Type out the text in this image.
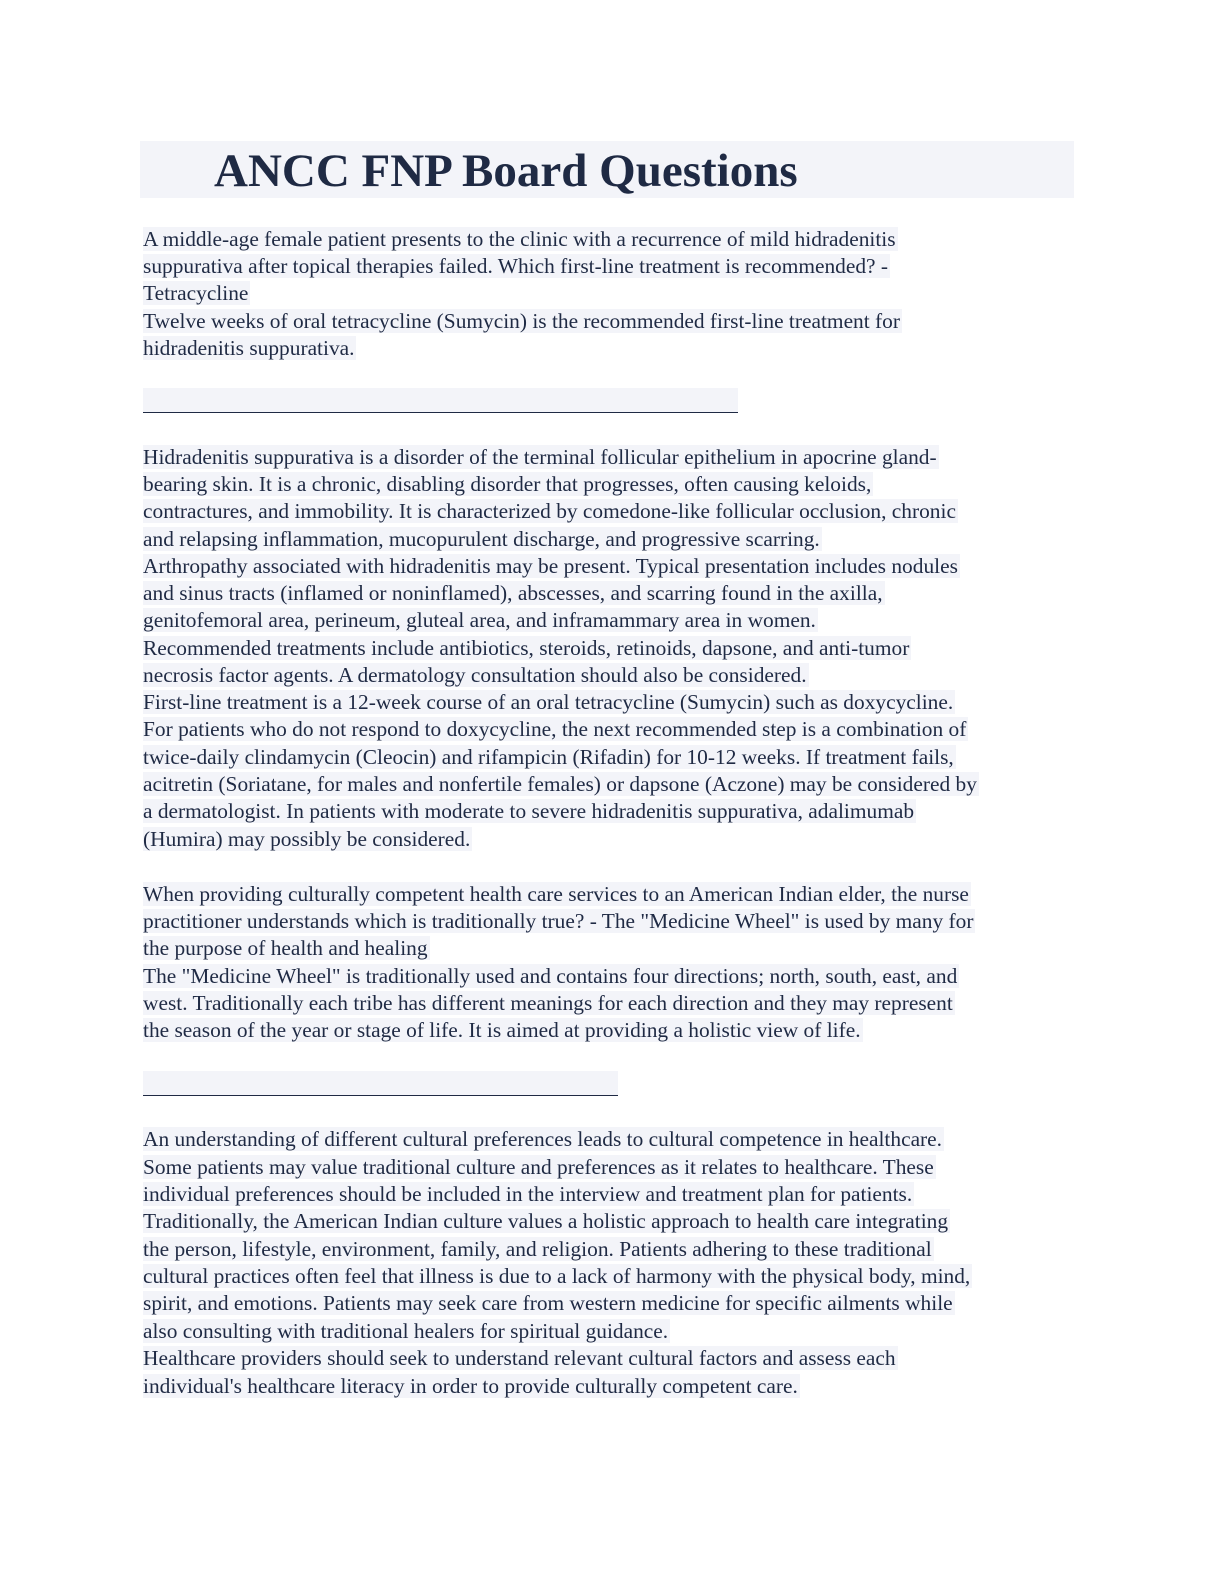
ANCC FNP Board Questions
A middle-age female patient presents to the clinic with a recurrence of mild hidradenitis
suppurativa after topical therapies failed. Which first-line treatment is recommended? -
Tetracycline
Twelve weeks of oral tetracycline (Sumycin) is the recommended first-line treatment for
hidradenitis suppurativa.
Hidradenitis suppurativa is a disorder of the terminal follicular epithelium in apocrine gland-
bearing skin. It is a chronic, disabling disorder that progresses, often causing keloids,
contractures, and immobility. It is characterized by comedone-like follicular occlusion, chronic
and relapsing inflammation, mucopurulent discharge, and progressive scarring.
Arthropathy associated with hidradenitis may be present. Typical presentation includes nodules
and sinus tracts (inflamed or noninflamed), abscesses, and scarring found in the axilla,
genitofemoral area, perineum, gluteal area, and inframammary area in women.
Recommended treatments include antibiotics, steroids, retinoids, dapsone, and anti-tumor
necrosis factor agents. A dermatology consultation should also be considered.
First-line treatment is a 12-week course of an oral tetracycline (Sumycin) such as doxycycline.
For patients who do not respond to doxycycline, the next recommended step is a combination of
twice-daily clindamycin (Cleocin) and rifampicin (Rifadin) for 10-12 weeks. If treatment fails,
acitretin (Soriatane, for males and nonfertile females) or dapsone (Aczone) may be considered by
a dermatologist. In patients with moderate to severe hidradenitis suppurativa, adalimumab
(Humira) may possibly be considered.
When providing culturally competent health care services to an American Indian elder, the nurse
practitioner understands which is traditionally true? - The "Medicine Wheel" is used by many for
the purpose of health and healing
The "Medicine Wheel" is traditionally used and contains four directions; north, south, east, and
west. Traditionally each tribe has different meanings for each direction and they may represent
the season of the year or stage of life. It is aimed at providing a holistic view of life.
An understanding of different cultural preferences leads to cultural competence in healthcare.
Some patients may value traditional culture and preferences as it relates to healthcare. These
individual preferences should be included in the interview and treatment plan for patients.
Traditionally, the American Indian culture values a holistic approach to health care integrating
the person, lifestyle, environment, family, and religion. Patients adhering to these traditional
cultural practices often feel that illness is due to a lack of harmony with the physical body, mind,
spirit, and emotions. Patients may seek care from western medicine for specific ailments while
also consulting with traditional healers for spiritual guidance.
Healthcare providers should seek to understand relevant cultural factors and assess each
individual's healthcare literacy in order to provide culturally competent care.
